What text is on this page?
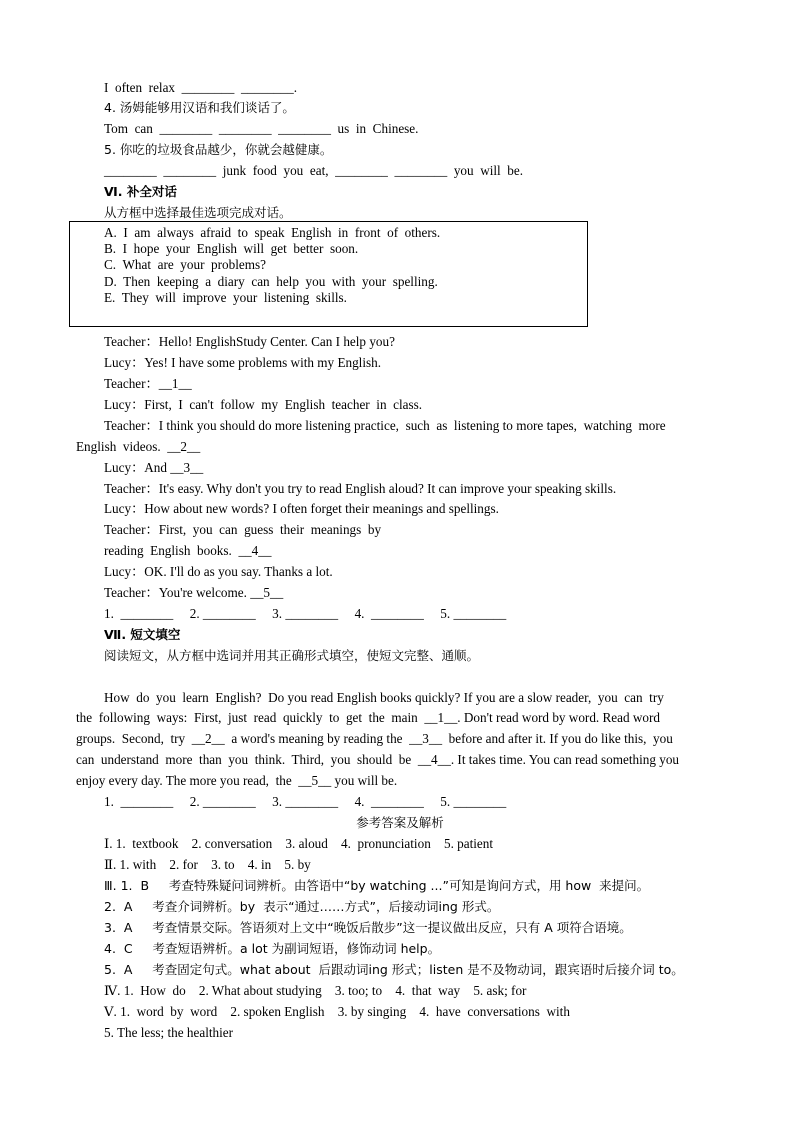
I  often  relax  ________  ________.
4. 汤姆能够用汉语和我们谈话了。
Tom  can  ________  ________  ________  us  in  Chinese.
5. 你吃的垃圾食品越少，你就会越健康。
________  ________  junk  food  you  eat,  ________  ________  you  will  be.
Ⅵ. 补全对话
从方框中选择最佳选项完成对话。
A.  I  am  always  afraid  to  speak  English  in  front  of  others.
B.  I  hope  your  English  will  get  better  soon.
C.  What  are  your  problems?
D.  Then  keeping  a  diary  can  help  you  with  your  spelling.
E.  They  will  improve  your  listening  skills.
Teacher：Hello! EnglishStudy Center. Can I help you?
Lucy：Yes! I have some problems with my English.
Teacher：__1__
Lucy：First,  I  can't  follow  my  English  teacher  in  class.
Teacher：I think you should do more listening practice,  such  as  listening to more tapes,  watching  more
English  videos.  __2__
Lucy：And __3__
Teacher：It's easy. Why don't you try to read English aloud? It can improve your speaking skills.
Lucy：How about new words? I often forget their meanings and spellings.
Teacher：First,  you  can  guess  their  meanings  by
reading  English  books.  __4__
Lucy：OK. I'll do as you say. Thanks a lot.
Teacher：You're welcome. __5__
1.  ________     2. ________     3. ________     4.  ________     5. ________
Ⅶ. 短文填空
阅读短文，从方框中选词并用其正确形式填空，使短文完整、通顺。
How  do  you  learn  English?  Do you read English books quickly? If you are a slow reader,  you  can  try
the  following  ways:  First,  just  read  quickly  to  get  the  main  __1__. Don't read word by word. Read word
groups.  Second,  try  __2__  a word's meaning by reading the  __3__  before and after it. If you do like this,  you
can  understand  more  than  you  think.  Third,  you  should  be  __4__. It takes time. You can read something you
enjoy every day. The more you read,  the  __5__ you will be.
1.  ________     2. ________     3. ________     4.  ________     5. ________
参考答案及解析
Ⅰ. 1.  textbook    2. conversation    3. aloud    4.  pronunciation    5. patient
Ⅱ. 1. with    2. for    3. to    4. in    5. by
Ⅲ. 1.  B     考查特殊疑问词辨析。由答语中“by watching ...”可知是询问方式，用 how  来提问。
2.  A     考查介词辨析。by  表示“通过……方式”，后接动词ing 形式。
3.  A     考查情景交际。答语须对上文中“晚饭后散步”这一提议做出反应，只有 A 项符合语境。
4.  C     考查短语辨析。a lot 为副词短语，修饰动词 help。
5.  A     考查固定句式。what about  后跟动词ing 形式；listen 是不及物动词，跟宾语时后接介词 to。
Ⅳ. 1.  How  do    2. What about studying    3. too; to    4.  that  way    5. ask; for
Ⅴ. 1.  word  by  word    2. spoken English    3. by singing    4.  have  conversations  with
5. The less; the healthier
